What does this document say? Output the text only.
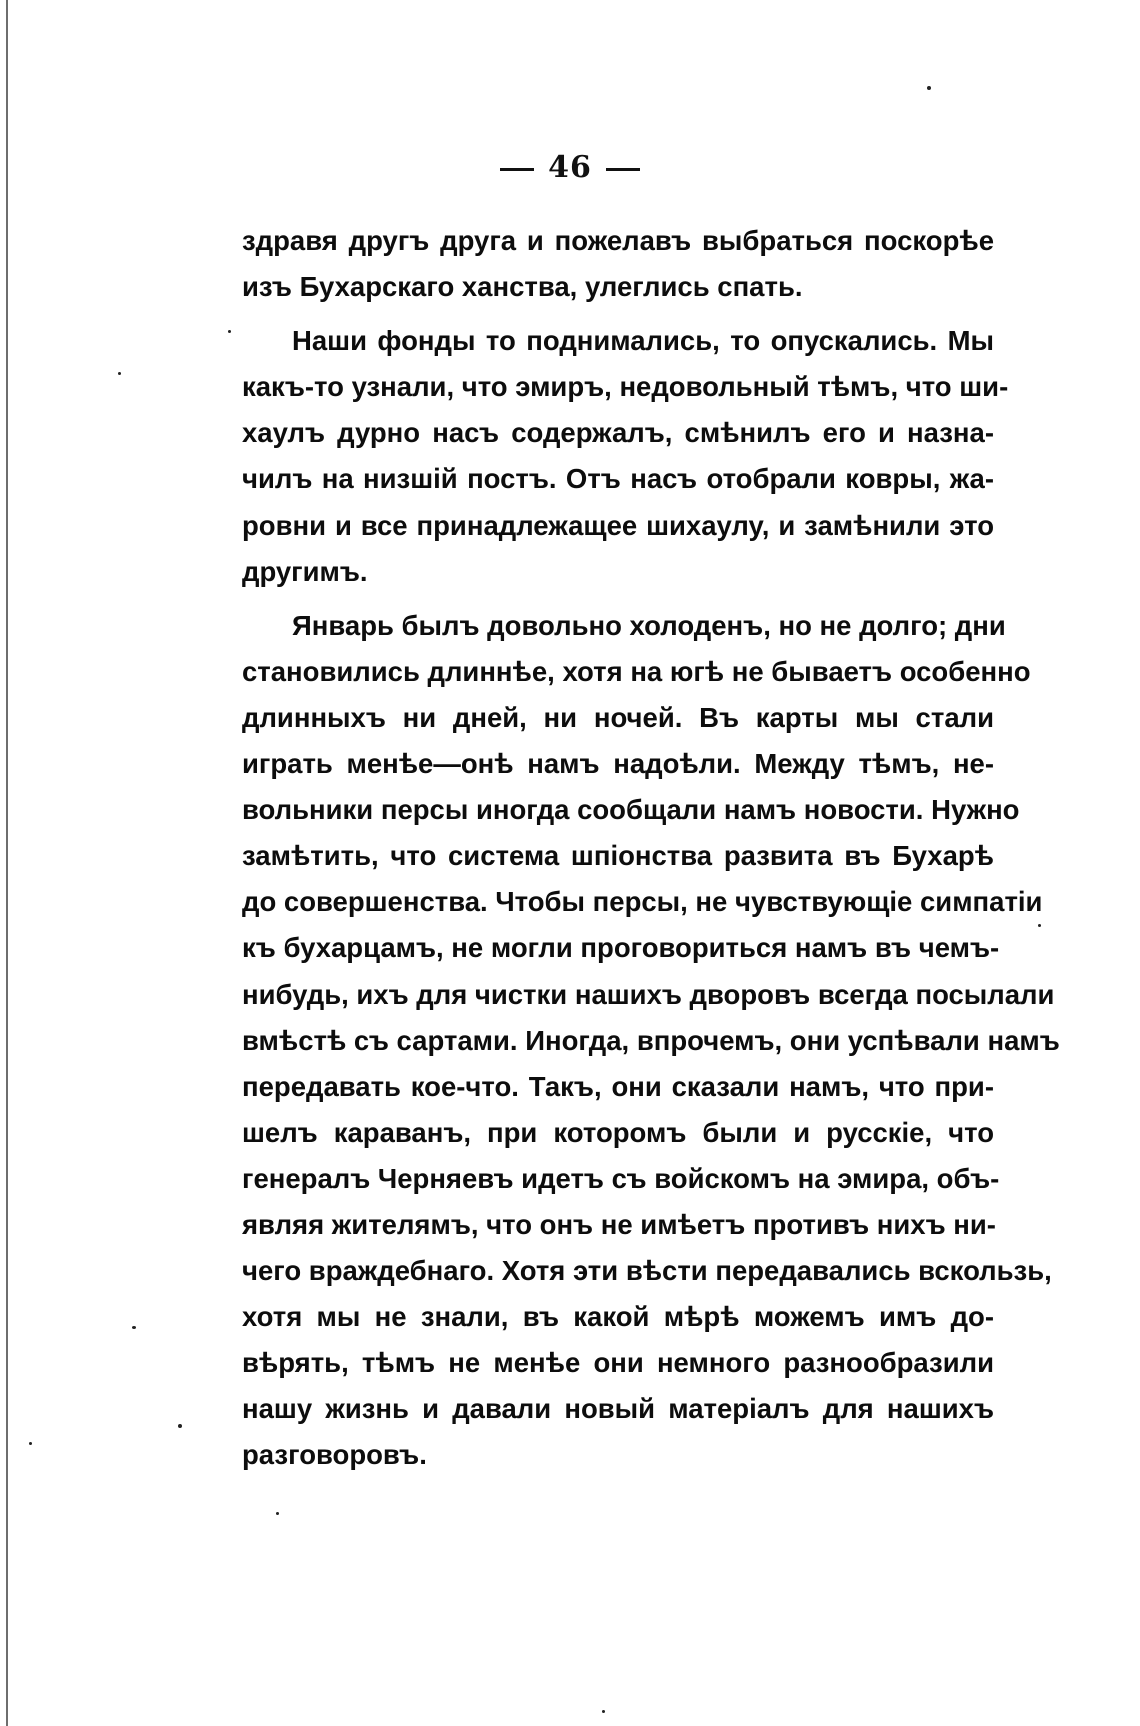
46

здравя другъ друга и пожелавъ выбраться поскорѣе
изъ Бухарскаго ханства, улеглись спать.

Наши фонды то поднимались, то опускались. Мы
какъ-то узнали, что эмиръ, недовольный тѣмъ, что ши-
хаулъ дурно насъ содержалъ, смѣнилъ его и назна-
чилъ на низшій постъ. Отъ насъ отобрали ковры, жа-
ровни и все принадлежащее шихаулу, и замѣнили это
другимъ.

Январь былъ довольно холоденъ, но не долго; дни
становились длиннѣе, хотя на югѣ не бываетъ особенно
длинныхъ ни дней, ни ночей. Въ карты мы стали
играть менѣе—онѣ намъ надоѣли. Между тѣмъ, не-
вольники персы иногда сообщали намъ новости. Нужно
замѣтить, что система шпіонства развита въ Бухарѣ
до совершенства. Чтобы персы, не чувствующіе симпатіи
къ бухарцамъ, не могли проговориться намъ въ чемъ-
нибудь, ихъ для чистки нашихъ дворовъ всегда посылали
вмѣстѣ съ сартами. Иногда, впрочемъ, они успѣвали намъ
передавать кое-что. Такъ, они сказали намъ, что при-
шелъ караванъ, при которомъ были и русскіе, что
генералъ Черняевъ идетъ съ войскомъ на эмира, объ-
являя жителямъ, что онъ не имѣетъ противъ нихъ ни-
чего враждебнаго. Хотя эти вѣсти передавались вскользь,
хотя мы не знали, въ какой мѣрѣ можемъ имъ до-
вѣрять, тѣмъ не менѣе они немного разнообразили
нашу жизнь и давали новый матеріалъ для нашихъ
разговоровъ.
